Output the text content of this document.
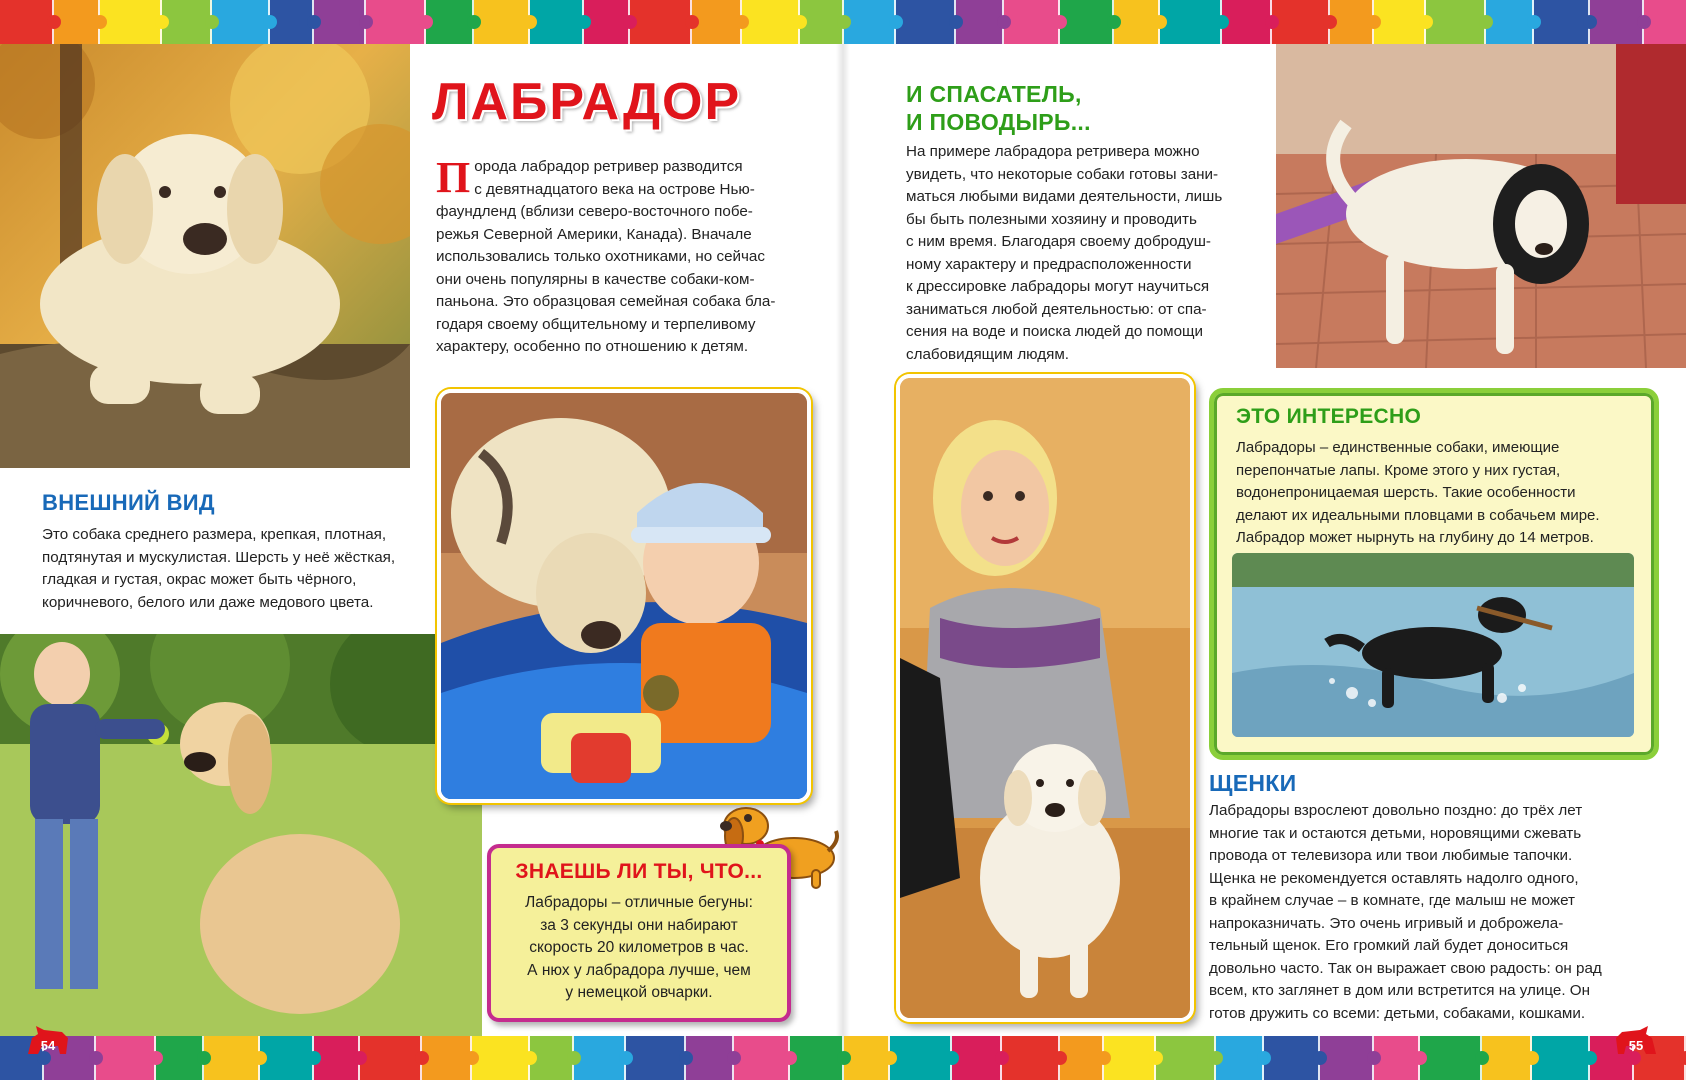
ЛАБРАДОР
П орода лабрадор ретривер разводится
с девятнадцатого века на острове Нью-
фаундленд (вблизи северо-восточного побе-
режья Северной Америки, Канада). Вначале
использовались только охотниками, но сейчас
они очень популярны в качестве собаки-ком-
паньона. Это образцовая семейная собака бла-
годаря своему общительному и терпеливому
характеру, особенно по отношению к детям.
ВНЕШНИЙ ВИД
Это собака среднего размера, крепкая, плотная,
подтянутая и мускулистая. Шерсть у неё жёсткая,
гладкая и густая, окрас может быть чёрного,
коричневого, белого или даже медового цвета.
ЗНАЕШЬ ЛИ ТЫ, ЧТО...
Лабрадоры – отличные бегуны:
за 3 секунды они набирают
скорость 20 километров в час.
А нюх у лабрадора лучше, чем
у немецкой овчарки.
54
И СПАСАТЕЛЬ,
И ПОВОДЫРЬ...
На примере лабрадора ретривера можно
увидеть, что некоторые собаки готовы зани-
маться любыми видами деятельности, лишь
бы быть полезными хозяину и проводить
с ним время. Благодаря своему добродуш-
ному характеру и предрасположенности
к дрессировке лабрадоры могут научиться
заниматься любой деятельностью: от спа-
сения на воде и поиска людей до помощи
слабовидящим людям.
ЭТО ИНТЕРЕСНО
Лабрадоры – единственные собаки, имеющие
перепончатые лапы. Кроме этого у них густая,
водонепроницаемая шерсть. Такие особенности
делают их идеальными пловцами в собачьем мире.
Лабрадор может нырнуть на глубину до 14 метров.
ЩЕНКИ
Лабрадоры взрослеют довольно поздно: до трёх лет
многие так и остаются детьми, норовящими сжевать
провода от телевизора или твои любимые тапочки.
Щенка не рекомендуется оставлять надолго одного,
в крайнем случае – в комнате, где малыш не может
напроказничать. Это очень игривый и доброжела-
тельный щенок. Его громкий лай будет доноситься
довольно часто. Так он выражает свою радость: он рад
всем, кто заглянет в дом или встретится на улице. Он
готов дружить со всеми: детьми, собаками, кошками.
55
